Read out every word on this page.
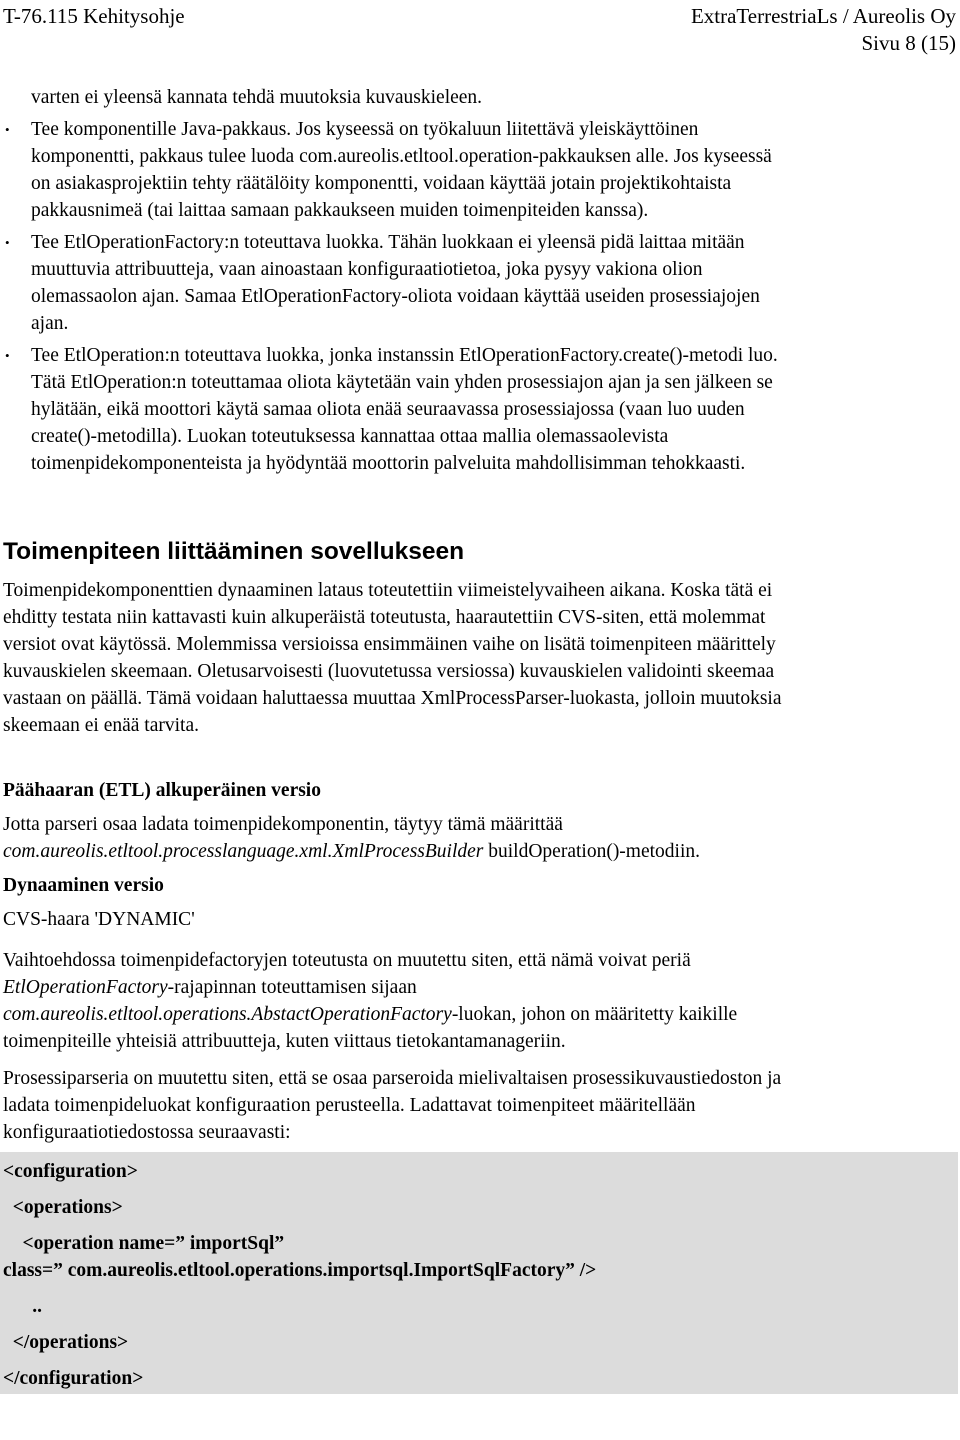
T-76.115 Kehitysohje	ExtraTerrestriaLs / Aureolis Oy
Sivu 8 (15)
varten ei yleensä kannata tehdä muutoksia kuvauskieleen.
• Tee komponentille Java-pakkaus. Jos kyseessä on työkaluun liitettävä yleiskäyttöinen
komponentti, pakkaus tulee luoda com.aureolis.etltool.operation-pakkauksen alle. Jos kyseessä
on asiakasprojektiin tehty räätälöity komponentti, voidaan käyttää jotain projektikohtaista
pakkausnimeä (tai laittaa samaan pakkaukseen muiden toimenpiteiden kanssa).
• Tee EtlOperationFactory:n toteuttava luokka. Tähän luokkaan ei yleensä pidä laittaa mitään
muuttuvia attribuutteja, vaan ainoastaan konfiguraatiotietoa, joka pysyy vakiona olion
olemassaolon ajan. Samaa EtlOperationFactory-oliota voidaan käyttää useiden prosessiajojen
ajan.
• Tee EtlOperation:n toteuttava luokka, jonka instanssin EtlOperationFactory.create()-metodi luo.
Tätä EtlOperation:n toteuttamaa oliota käytetään vain yhden prosessiajon ajan ja sen jälkeen se
hylätään, eikä moottori käytä samaa oliota enää seuraavassa prosessiajossa (vaan luo uuden
create()-metodilla). Luokan toteutuksessa kannattaa ottaa mallia olemassaolevista
toimenpidekomponenteista ja hyödyntää moottorin palveluita mahdollisimman tehokkaasti.
Toimenpiteen liittääminen sovellukseen
Toimenpidekomponenttien dynaaminen lataus toteutettiin viimeistelyvaiheen aikana. Koska tätä ei
ehditty testata niin kattavasti kuin alkuperäistä toteutusta, haarautettiin CVS-siten, että molemmat
versiot ovat käytössä. Molemmissa versioissa ensimmäinen vaihe on lisätä toimenpiteen määrittely
kuvauskielen skeemaan. Oletusarvoisesti (luovutetussa versiossa) kuvauskielen validointi skeemaa
vastaan on päällä. Tämä voidaan haluttaessa muuttaa XmlProcessParser-luokasta, jolloin muutoksia
skeemaan ei enää tarvita.
Päähaaran (ETL) alkuperäinen versio
Jotta parseri osaa ladata toimenpidekomponentin, täytyy tämä määrittää
com.aureolis.etltool.processlanguage.xml.XmlProcessBuilder buildOperation()-metodiin.
Dynaaminen versio
CVS-haara 'DYNAMIC'
Vaihtoehdossa toimenpidefactoryjen toteutusta on muutettu siten, että nämä voivat periä
EtlOperationFactory-rajapinnan toteuttamisen sijaan
com.aureolis.etltool.operations.AbstactOperationFactory-luokan, johon on määritetty kaikille
toimenpiteille yhteisiä attribuutteja, kuten viittaus tietokantamanageriin.
Prosessiparseria on muutettu siten, että se osaa parseroida mielivaltaisen prosessikuvaustiedoston ja
ladata toimenpideluokat konfiguraation perusteella. Ladattavat toimenpiteet määritellään
konfiguraatiotiedostossa seuraavasti:
<configuration>
<operations>
<operation name=” importSql”
class=” com.aureolis.etltool.operations.importsql.ImportSqlFactory” />
..
</operations>
</configuration>
